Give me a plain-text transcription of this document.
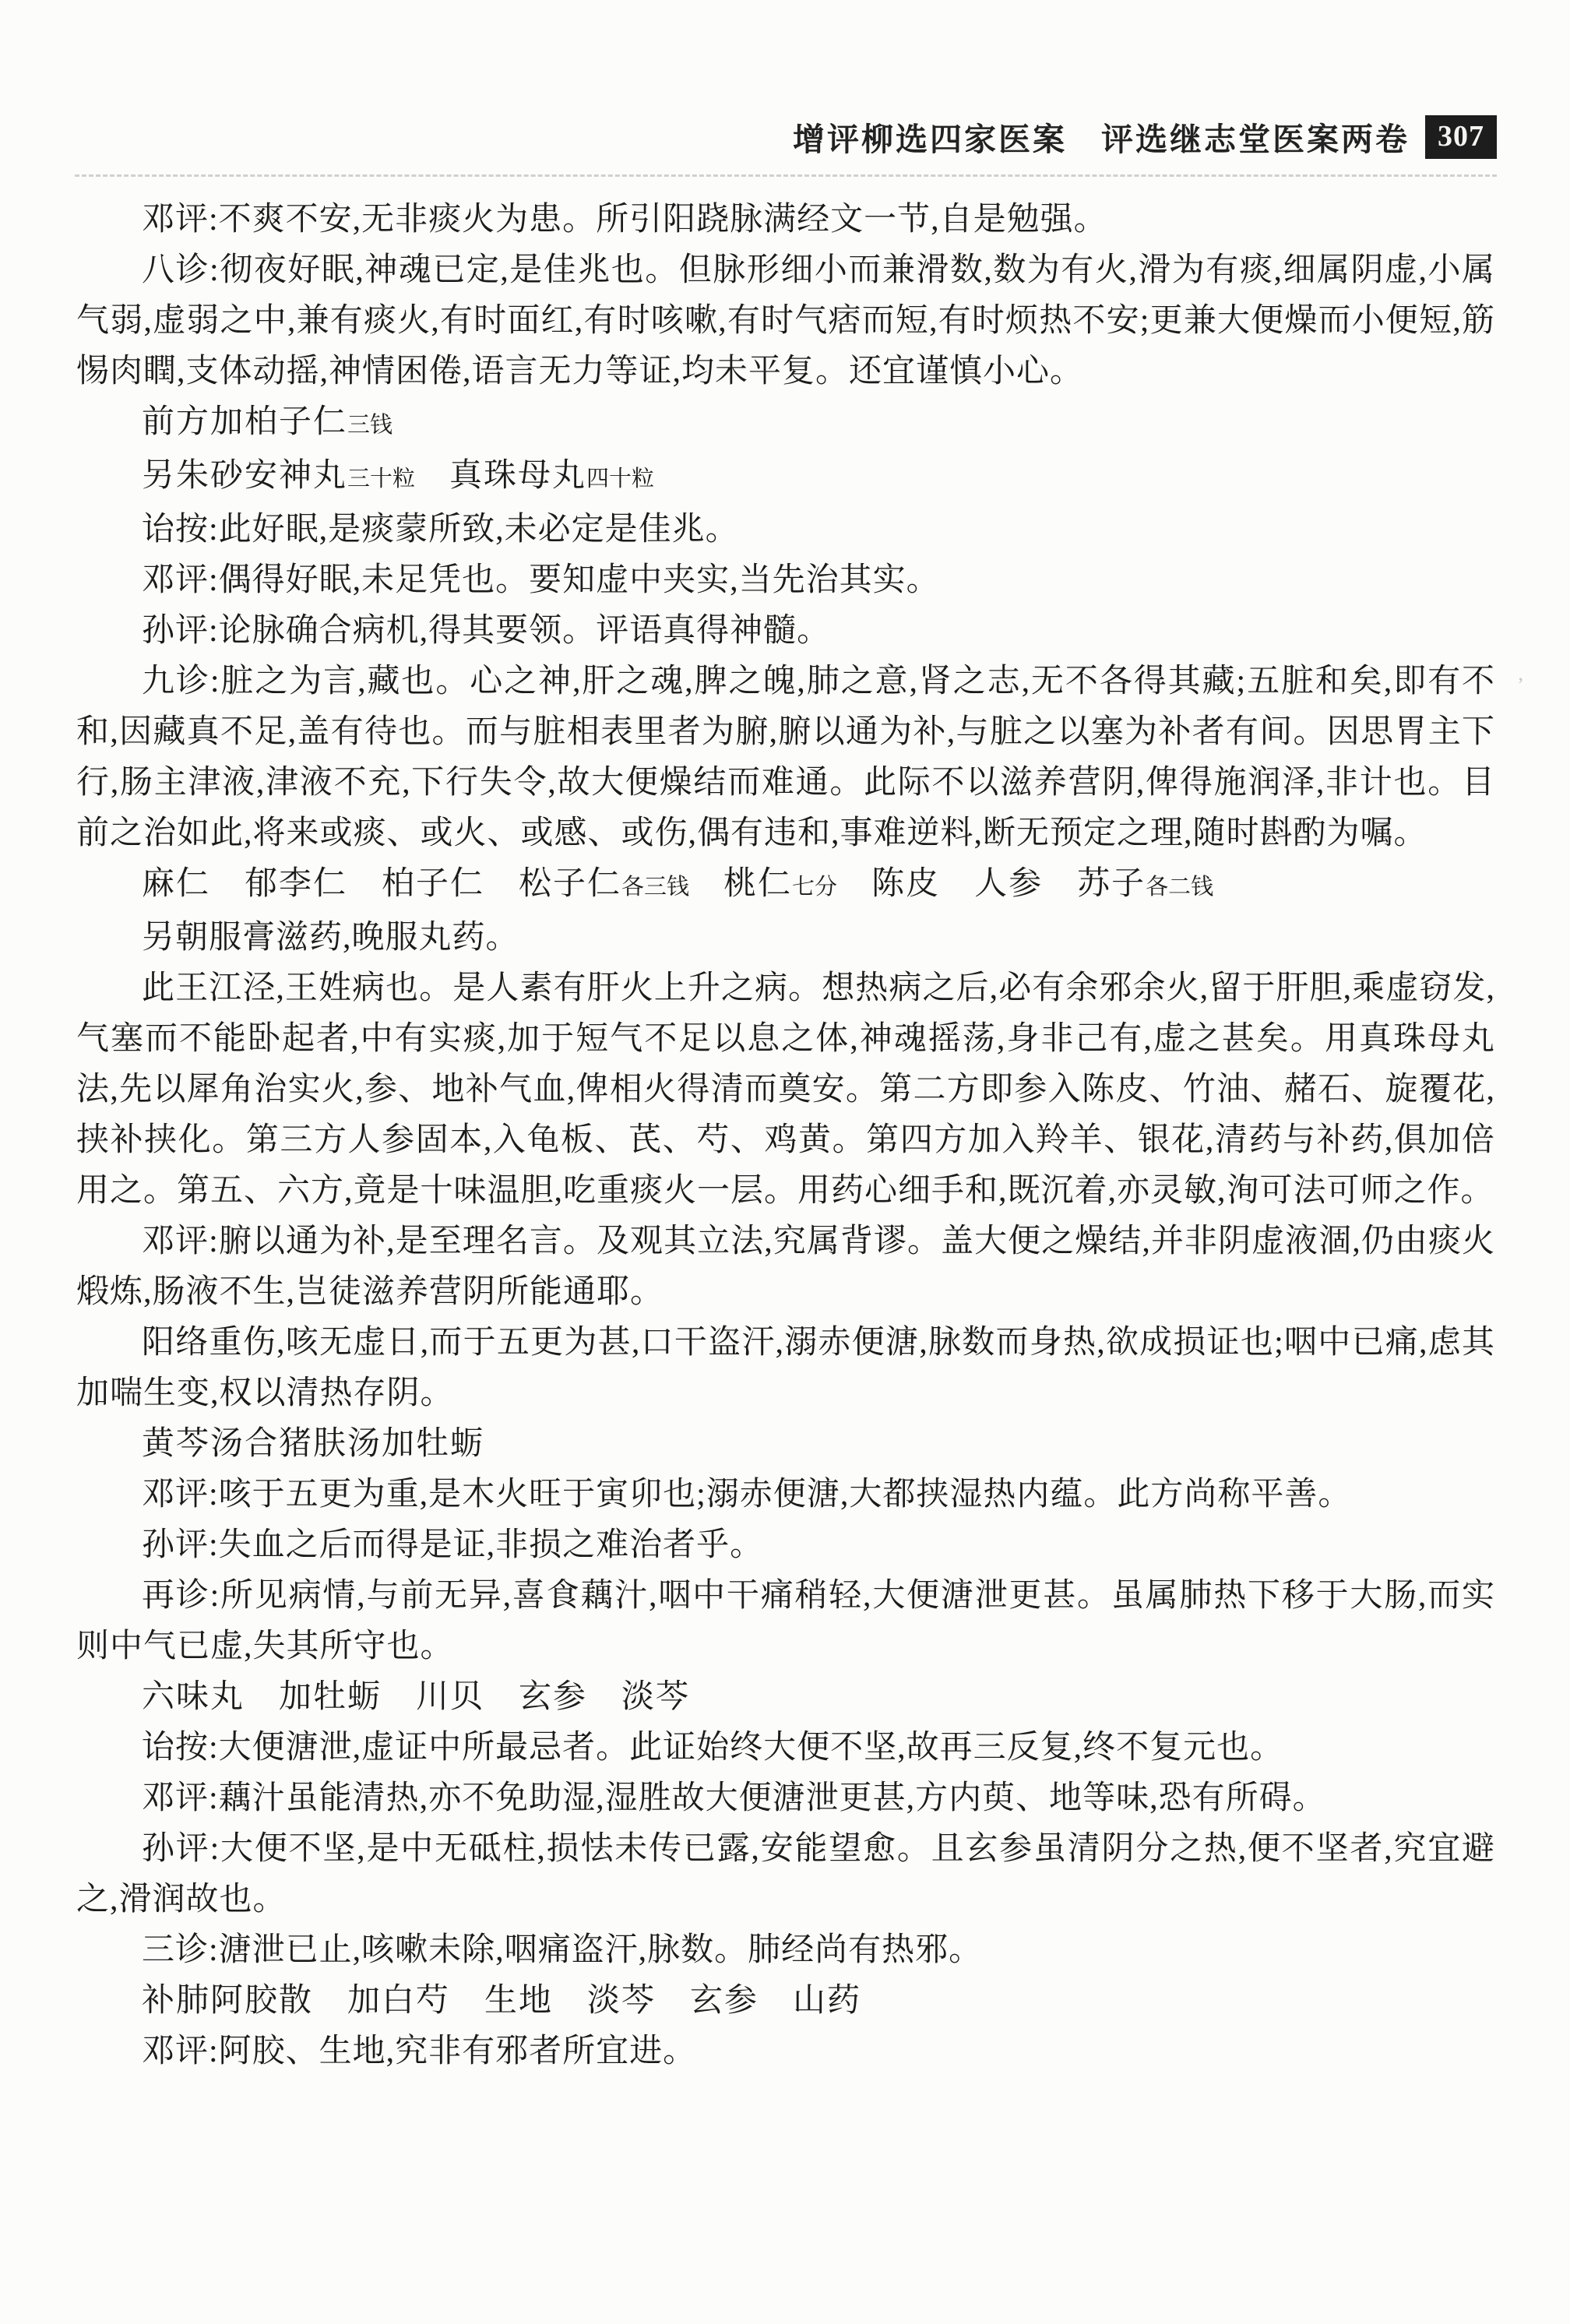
增评柳选四家医案　评选继志堂医案两卷 307

邓评:不爽不安,无非痰火为患。所引阳跷脉满经文一节,自是勉强。

八诊:彻夜好眠,神魂已定,是佳兆也。但脉形细小而兼滑数,数为有火,滑为有痰,细属阴虚,小属气弱,虚弱之中,兼有痰火,有时面红,有时咳嗽,有时气痞而短,有时烦热不安;更兼大便燥而小便短,筋惕肉瞤,支体动摇,神情困倦,语言无力等证,均未平复。还宜谨慎小心。

前方加柏子仁三钱

另朱砂安神丸三十粒　真珠母丸四十粒

诒按:此好眠,是痰蒙所致,未必定是佳兆。

邓评:偶得好眠,未足凭也。要知虚中夹实,当先治其实。

孙评:论脉确合病机,得其要领。评语真得神髓。

九诊:脏之为言,藏也。心之神,肝之魂,脾之魄,肺之意,肾之志,无不各得其藏;五脏和矣,即有不和,因藏真不足,盖有待也。而与脏相表里者为腑,腑以通为补,与脏之以塞为补者有间。因思胃主下行,肠主津液,津液不充,下行失令,故大便燥结而难通。此际不以滋养营阴,俾得施润泽,非计也。目前之治如此,将来或痰、或火、或感、或伤,偶有违和,事难逆料,断无预定之理,随时斟酌为嘱。

麻仁　郁李仁　柏子仁　松子仁各三钱　桃仁七分　陈皮　人参　苏子各二钱

另朝服膏滋药,晚服丸药。

此王江泾,王姓病也。是人素有肝火上升之病。想热病之后,必有余邪余火,留于肝胆,乘虚窃发,气塞而不能卧起者,中有实痰,加于短气不足以息之体,神魂摇荡,身非己有,虚之甚矣。用真珠母丸法,先以犀角治实火,参、地补气血,俾相火得清而奠安。第二方即参入陈皮、竹油、赭石、旋覆花,挟补挟化。第三方人参固本,入龟板、芪、芍、鸡黄。第四方加入羚羊、银花,清药与补药,俱加倍用之。第五、六方,竟是十味温胆,吃重痰火一层。用药心细手和,既沉着,亦灵敏,洵可法可师之作。

邓评:腑以通为补,是至理名言。及观其立法,究属背谬。盖大便之燥结,并非阴虚液涸,仍由痰火煅炼,肠液不生,岂徒滋养营阴所能通耶。

阳络重伤,咳无虚日,而于五更为甚,口干盗汗,溺赤便溏,脉数而身热,欲成损证也;咽中已痛,虑其加喘生变,权以清热存阴。

黄芩汤合猪肤汤加牡蛎

邓评:咳于五更为重,是木火旺于寅卯也;溺赤便溏,大都挟湿热内蕴。此方尚称平善。

孙评:失血之后而得是证,非损之难治者乎。

再诊:所见病情,与前无异,喜食藕汁,咽中干痛稍轻,大便溏泄更甚。虽属肺热下移于大肠,而实则中气已虚,失其所守也。

六味丸　加牡蛎　川贝　玄参　淡芩

诒按:大便溏泄,虚证中所最忌者。此证始终大便不坚,故再三反复,终不复元也。

邓评:藕汁虽能清热,亦不免助湿,湿胜故大便溏泄更甚,方内萸、地等味,恐有所碍。

孙评:大便不坚,是中无砥柱,损怯未传已露,安能望愈。且玄参虽清阴分之热,便不坚者,究宜避之,滑润故也。

三诊:溏泄已止,咳嗽未除,咽痛盗汗,脉数。肺经尚有热邪。

补肺阿胶散　加白芍　生地　淡芩　玄参　山药

邓评:阿胶、生地,究非有邪者所宜进。

,
